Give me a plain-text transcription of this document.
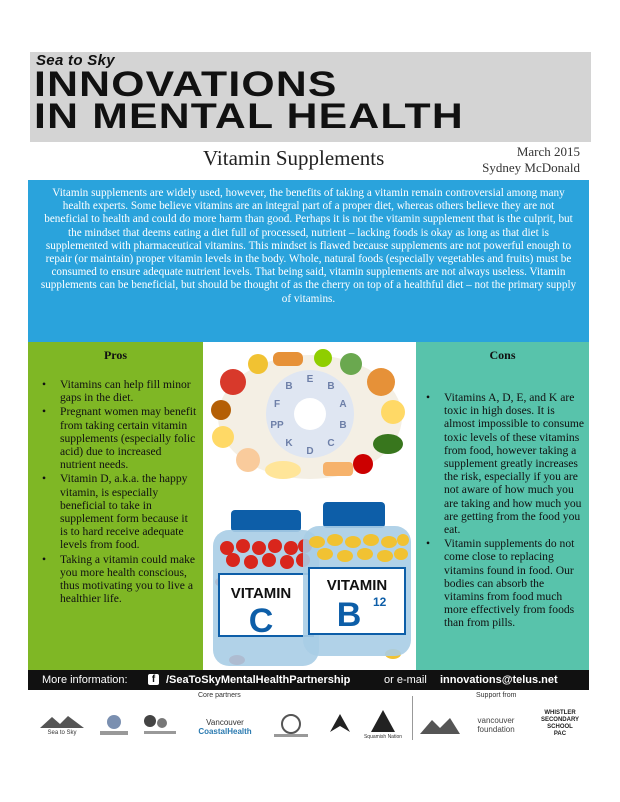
Sea to Sky
INNOVATIONS
IN MENTAL HEALTH
Vitamin Supplements	March 2015
Sydney McDonald
Vitamin supplements are widely used, however, the benefits of taking a vitamin remain controversial among many health experts. Some believe vitamins are an integral part of a proper diet, whereas others believe they are not beneficial to health and could do more harm than good. Perhaps it is not the vitamin supplement that is the culprit, but the mindset that deems eating a diet full of processed, nutrient – lacking foods is okay as long as that diet is supplemented with pharmaceutical vitamins. This mindset is flawed because supplements are not powerful enough to repair (or maintain) proper vitamin levels in the body. Whole, natural foods (especially vegetables and fruits) must be consumed to ensure adequate nutrient levels. That being said, vitamin supplements are not always useless. Vitamin supplements can be beneficial, but should be thought of as the cherry on top of a healthful diet – not the primary supply of vitamins.
Pros
• Vitamins can help fill minor gaps in the diet.
• Pregnant women may benefit from taking certain vitamin supplements (especially folic acid) due to increased nutrient needs.
• Vitamin D, a.k.a. the happy vitamin, is especially beneficial to take in supplement form because it is to hard receive adequate levels from food.
• Taking a vitamin could make you more health conscious, thus motivating you to live a healthier life.
E
B
A
B
C
D
K
PP
F
B
VITAMIN
C
VITAMIN
B 12
Cons
• Vitamins A, D, E, and K are toxic in high doses. It is almost impossible to consume toxic levels of these vitamins from food, however taking a supplement greatly increases the risk, especially if you are not aware of how much you are taking and how much you are getting from the food you eat.
• Vitamin supplements do not come close to replacing vitamins found in food. Our bodies can absorb the vitamins from food much more effectively from foods than from pills.
More information:	f /SeaToSkyMentalHealthPartnership	or e-mail innovations@telus.net
Core partners	Support from
Sea to Sky
Vancouver
CoastalHealth
Squamish Nation
vancouver
foundation
WHISTLER
SECONDARY
SCHOOL
PAC
